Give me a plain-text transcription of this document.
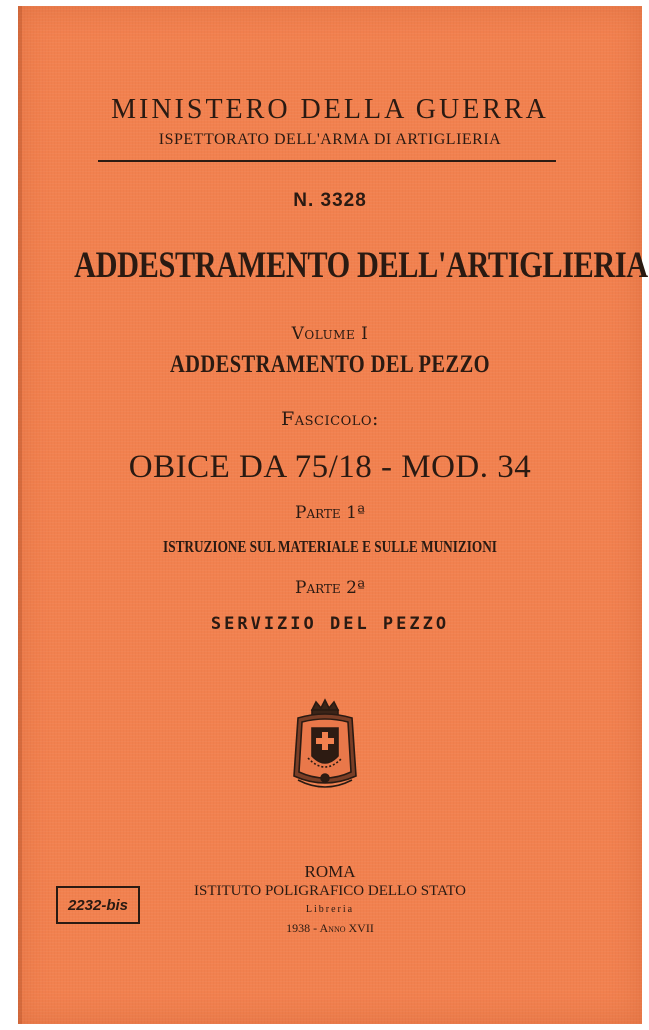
MINISTERO DELLA GUERRA
ISPETTORATO DELL'ARMA DI ARTIGLIERIA
N. 3328
ADDESTRAMENTO DELL'ARTIGLIERIA
Volume I
ADDESTRAMENTO DEL PEZZO
Fascicolo:
OBICE DA 75/18 - MOD. 34
Parte 1ª
ISTRUZIONE SUL MATERIALE E SULLE MUNIZIONI
Parte 2ª
SERVIZIO DEL PEZZO
ROMA
ISTITUTO POLIGRAFICO DELLO STATO
Libreria
1938 - Anno XVII
2232-bis
